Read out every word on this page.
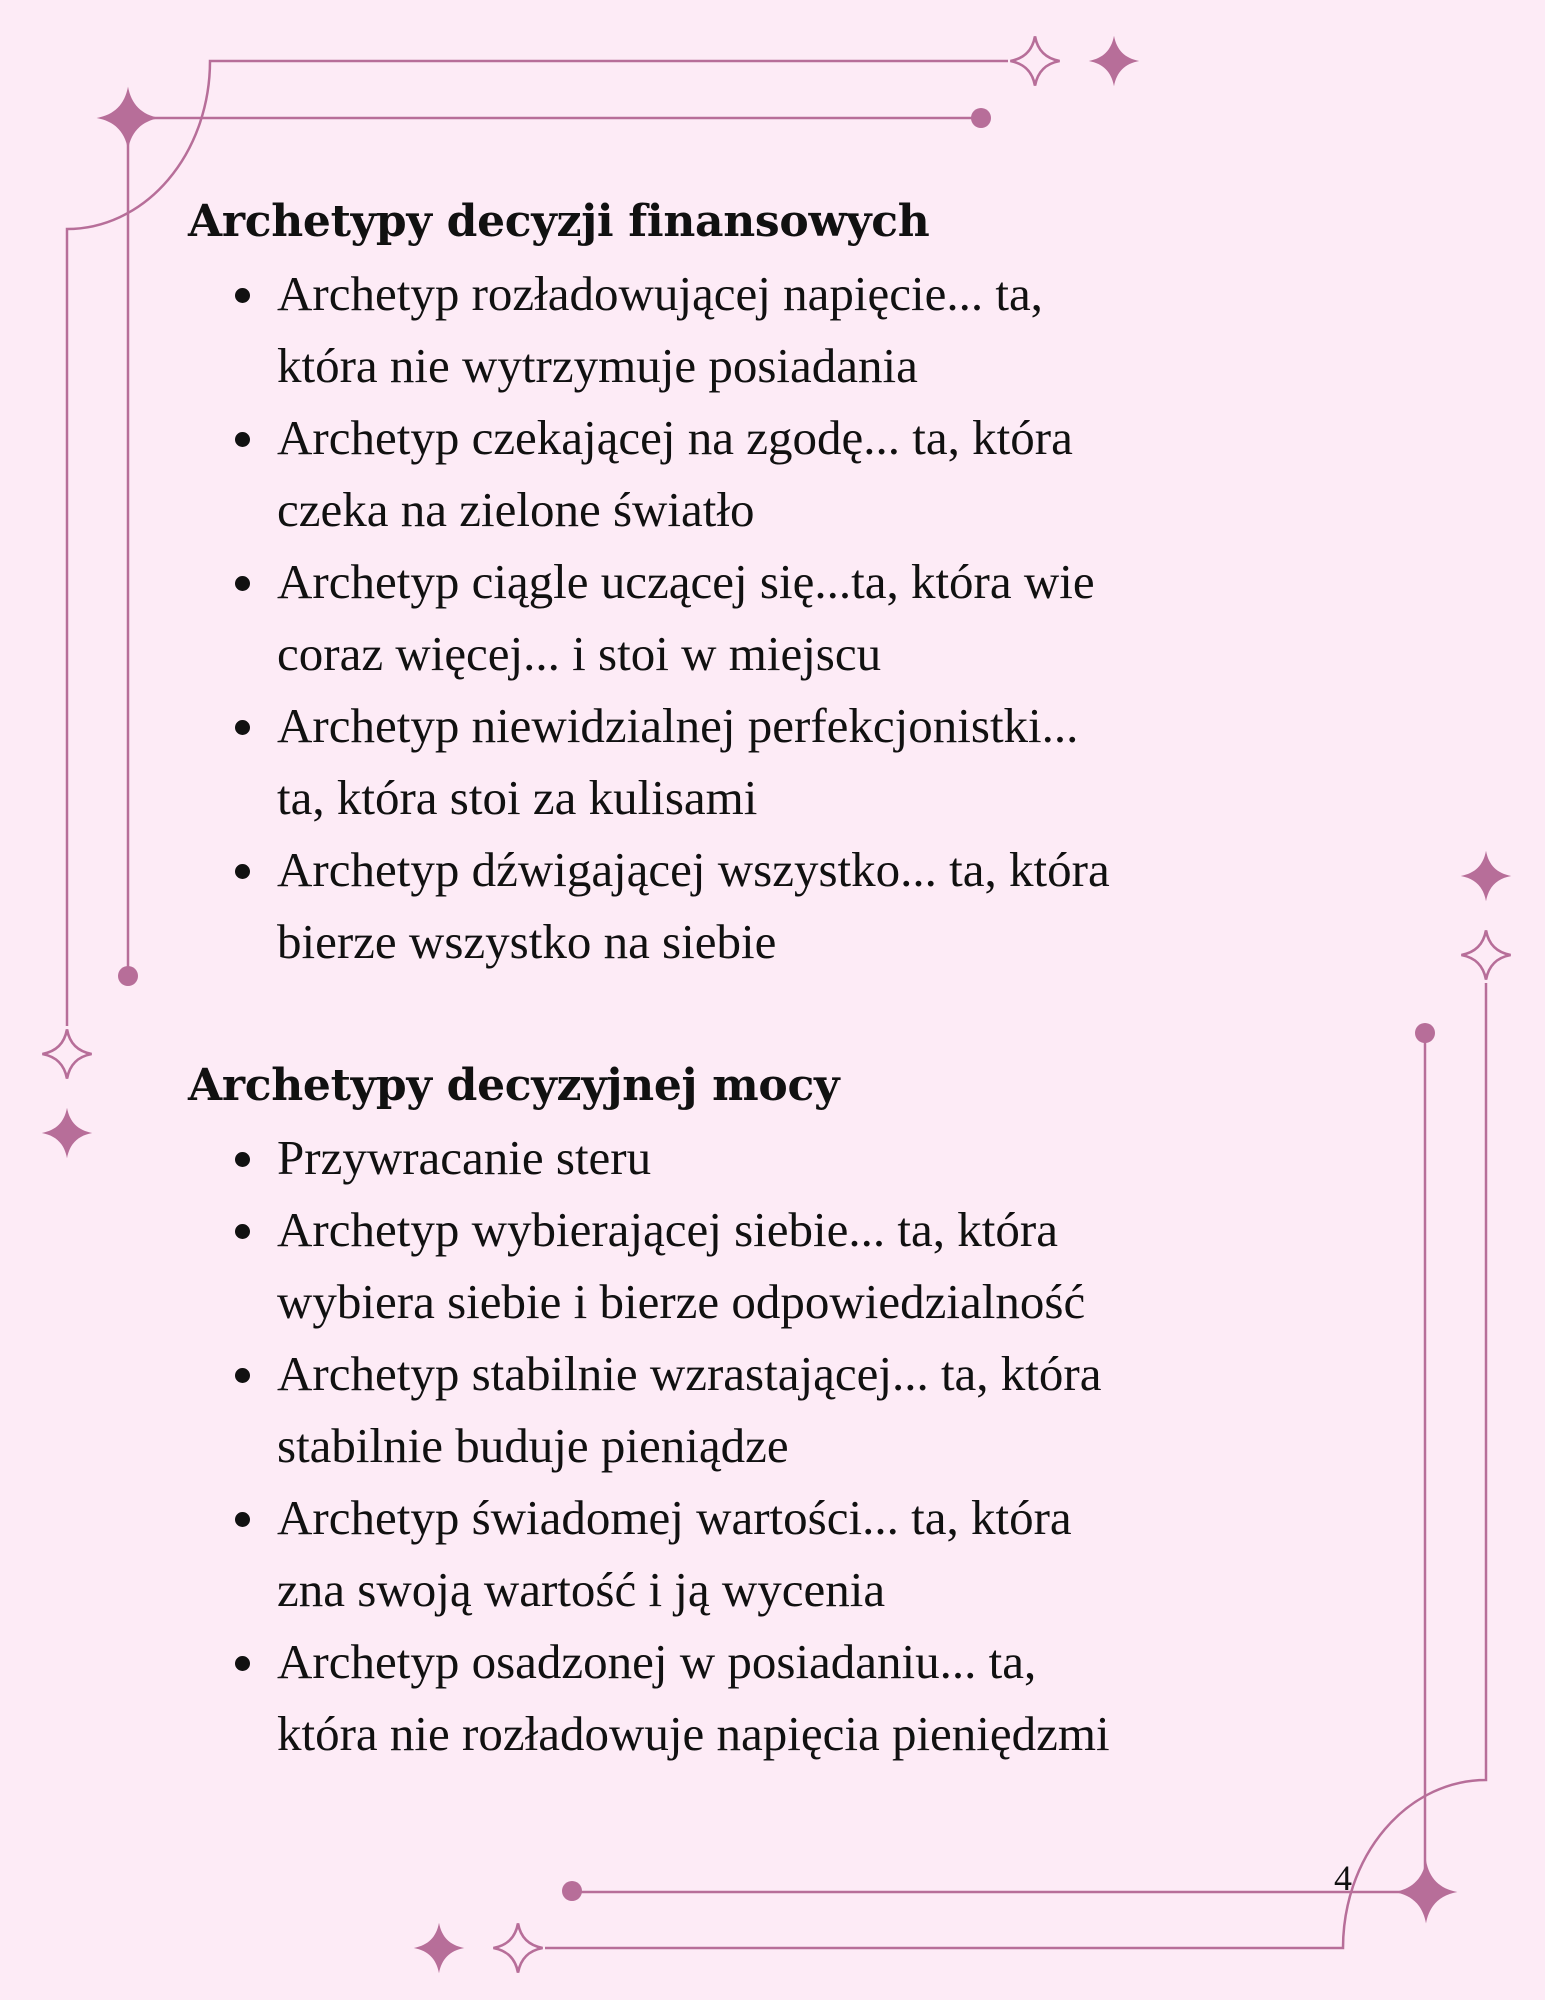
Archetypy decyzji finansowych
Archetyp rozładowującej napięcie... ta,
która nie wytrzymuje posiadania
Archetyp czekającej na zgodę... ta, która
czeka na zielone światło
Archetyp ciągle uczącej się...ta, która wie
coraz więcej... i stoi w miejscu
Archetyp niewidzialnej perfekcjonistki...
ta, która stoi za kulisami
Archetyp dźwigającej wszystko... ta, która
bierze wszystko na siebie
Archetypy decyzyjnej mocy
Przywracanie steru
Archetyp wybierającej siebie... ta, która
wybiera siebie i bierze odpowiedzialność
Archetyp stabilnie wzrastającej... ta, która
stabilnie buduje pieniądze
Archetyp świadomej wartości... ta, która
zna swoją wartość i ją wycenia
Archetyp osadzonej w posiadaniu... ta,
która nie rozładowuje napięcia pieniędzmi
4
